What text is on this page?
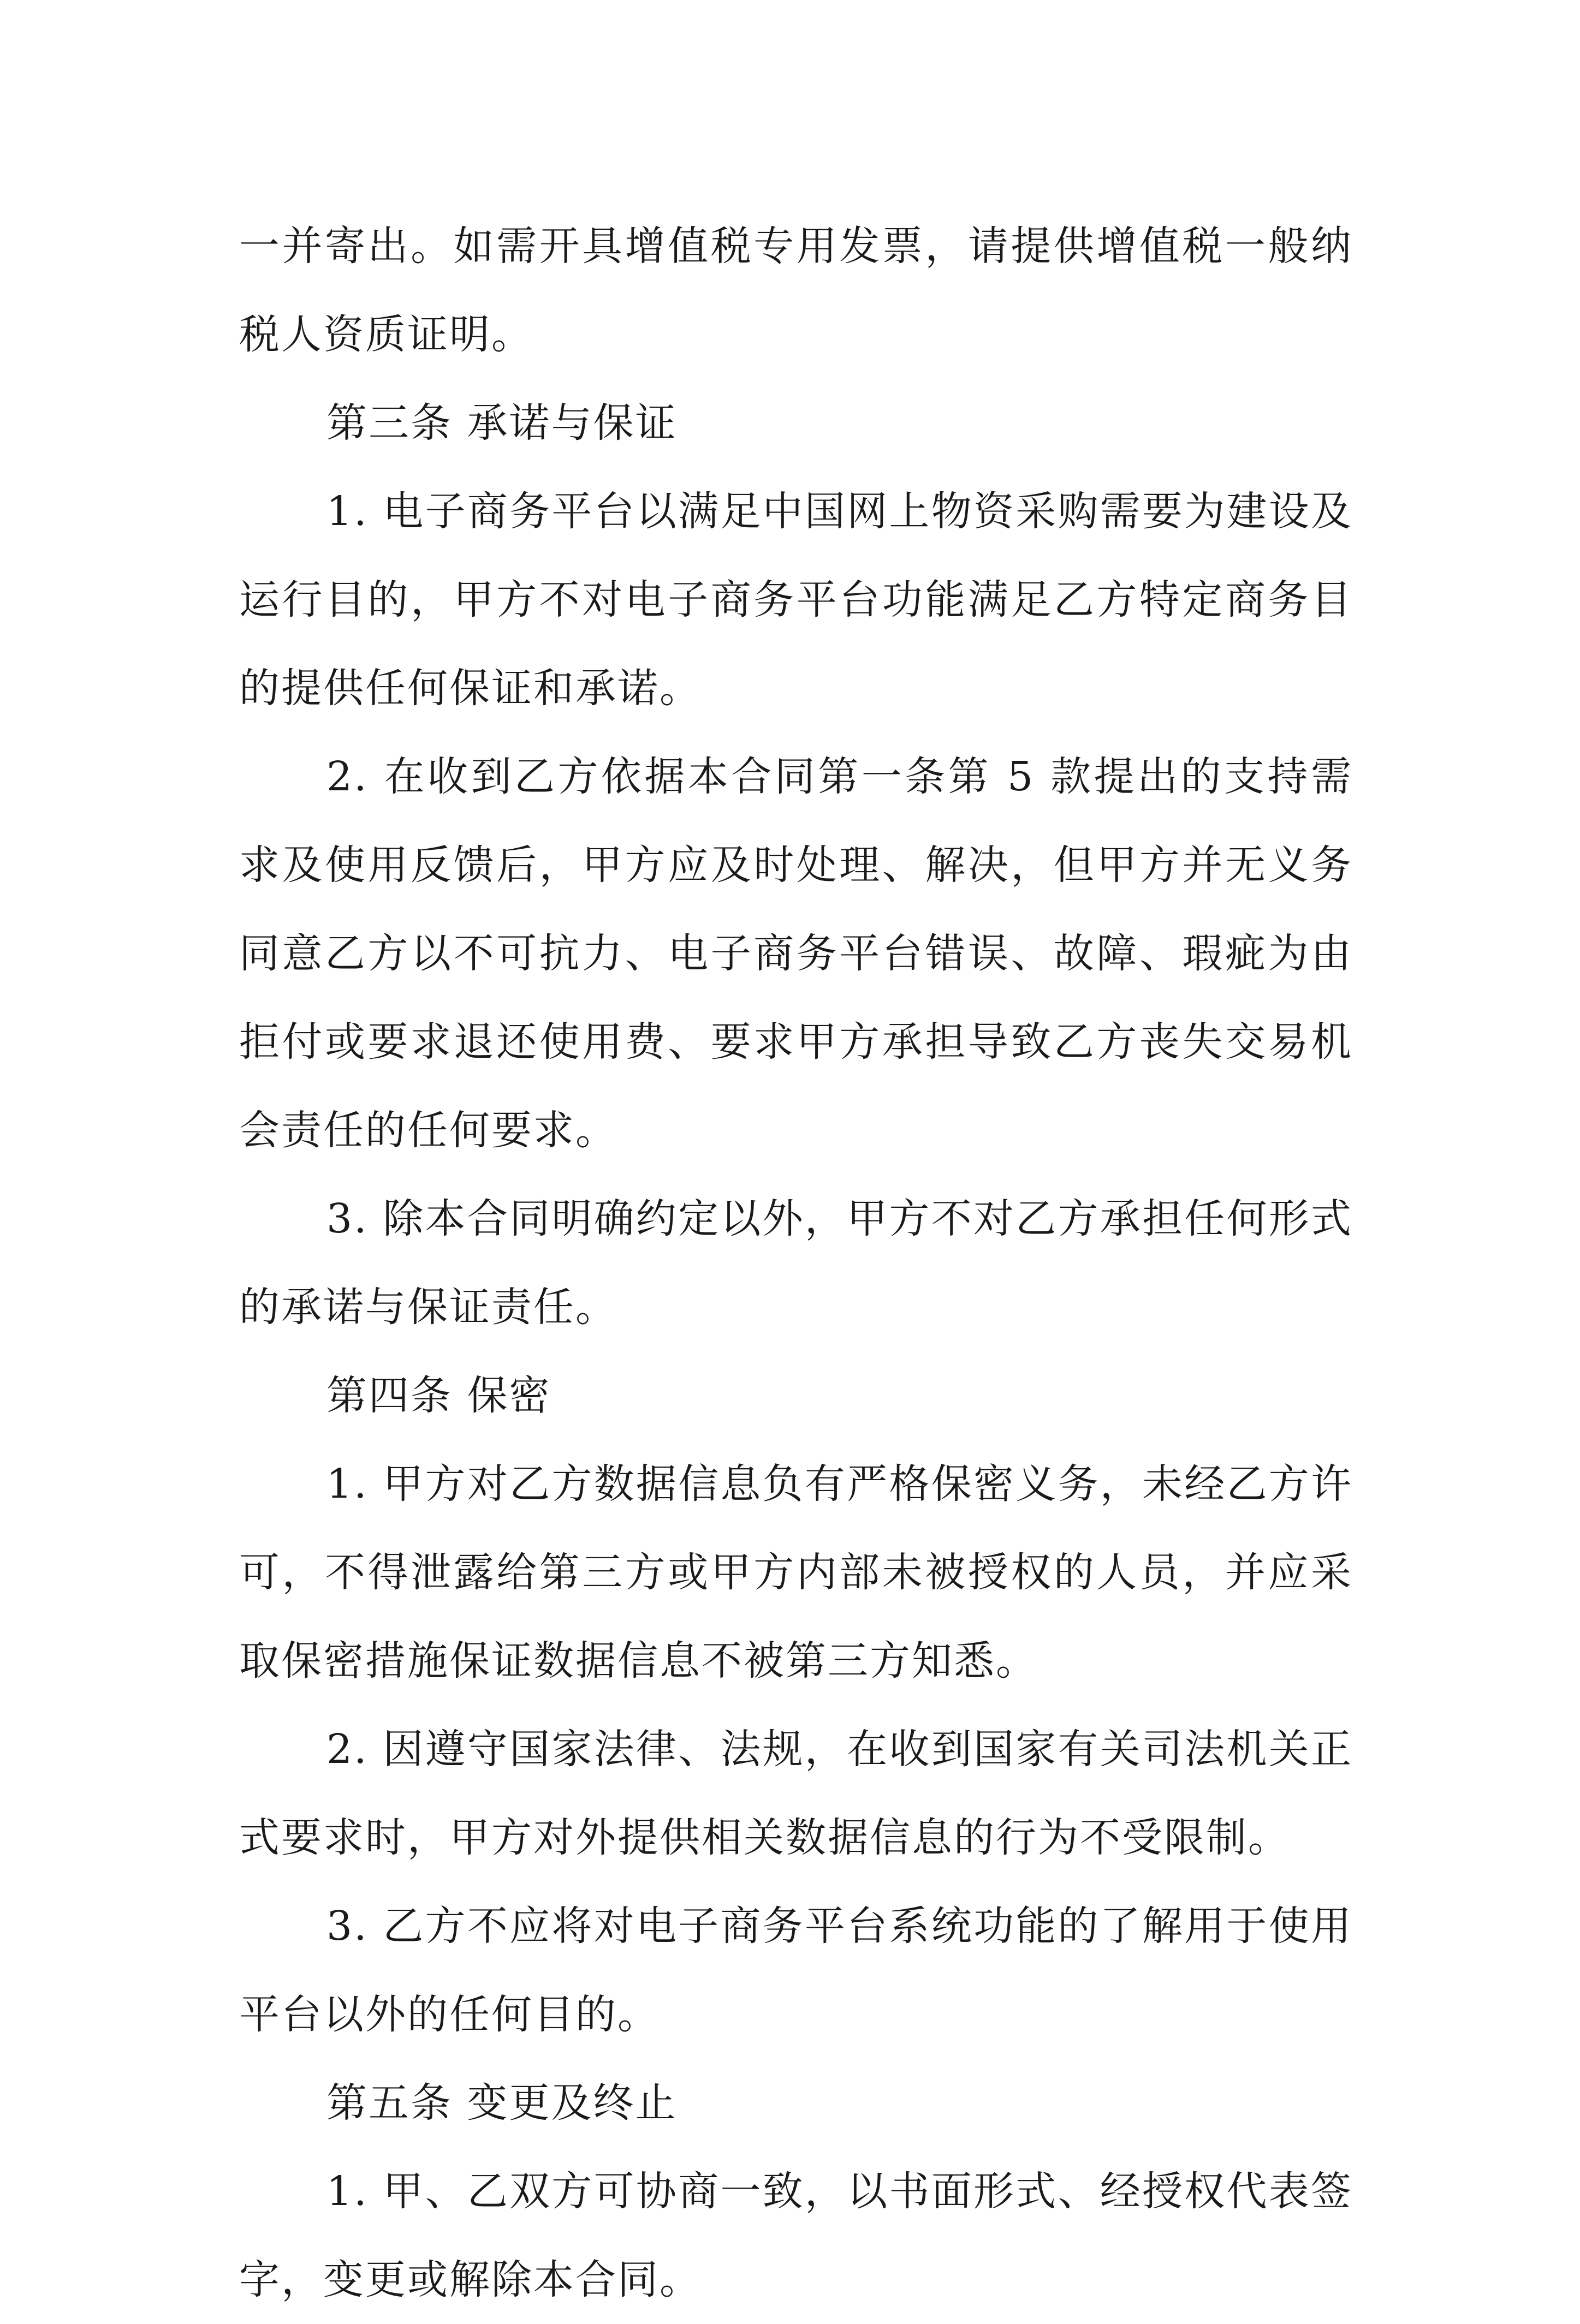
一并寄出。如需开具增值税专用发票，请提供增值税一般纳税人资质证明。

第三条 承诺与保证

1. 电子商务平台以满足中国网上物资采购需要为建设及运行目的，甲方不对电子商务平台功能满足乙方特定商务目的提供任何保证和承诺。

2. 在收到乙方依据本合同第一条第 5 款提出的支持需求及使用反馈后，甲方应及时处理、解决，但甲方并无义务同意乙方以不可抗力、电子商务平台错误、故障、瑕疵为由拒付或要求退还使用费、要求甲方承担导致乙方丧失交易机会责任的任何要求。

3. 除本合同明确约定以外，甲方不对乙方承担任何形式的承诺与保证责任。

第四条 保密

1. 甲方对乙方数据信息负有严格保密义务，未经乙方许可，不得泄露给第三方或甲方内部未被授权的人员，并应采取保密措施保证数据信息不被第三方知悉。

2. 因遵守国家法律、法规，在收到国家有关司法机关正式要求时，甲方对外提供相关数据信息的行为不受限制。

3. 乙方不应将对电子商务平台系统功能的了解用于使用平台以外的任何目的。

第五条 变更及终止

1. 甲、乙双方可协商一致，以书面形式、经授权代表签字，变更或解除本合同。
